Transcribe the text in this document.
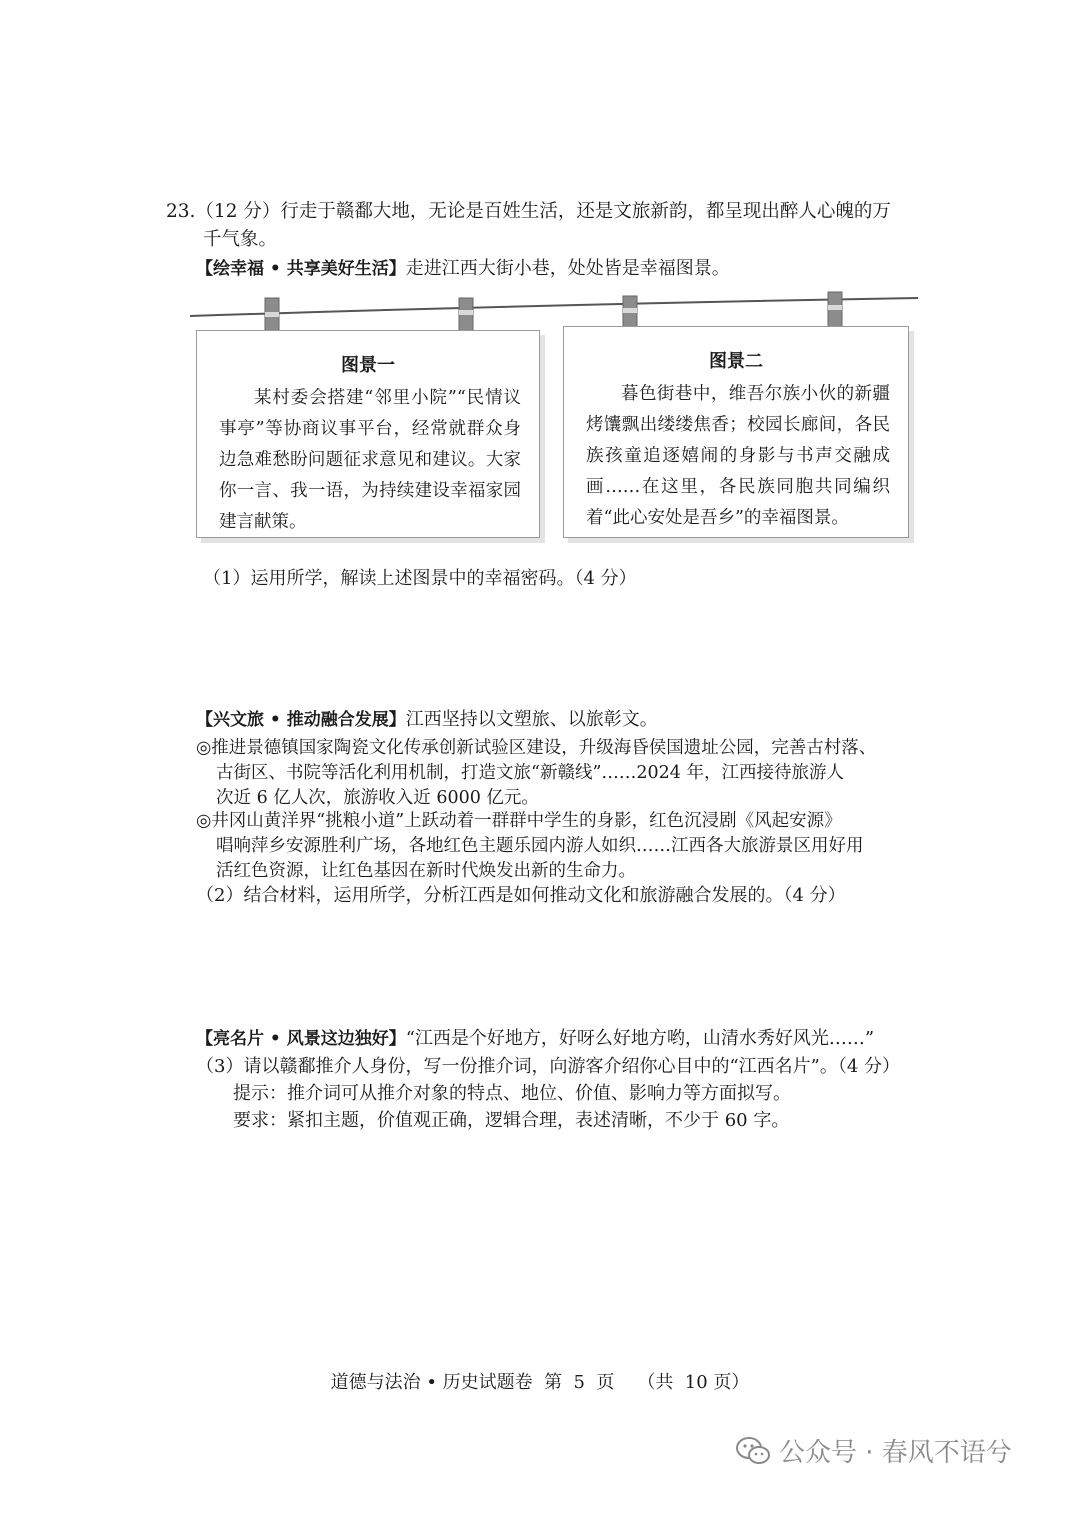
23.（12 分）行走于赣鄱大地，无论是百姓生活，还是文旅新韵，都呈现出醉人心魄的万
千气象。
【绘幸福 • 共享美好生活】走进江西大街小巷，处处皆是幸福图景。
图景一
某村委会搭建“邻里小院”“民情议事亭”等协商议事平台，经常就群众身边急难愁盼问题征求意见和建议。大家你一言、我一语，为持续建设幸福家园建言献策。
图景二
暮色街巷中，维吾尔族小伙的新疆烤馕飘出缕缕焦香；校园长廊间，各民族孩童追逐嬉闹的身影与书声交融成画……在这里，各民族同胞共同编织着“此心安处是吾乡”的幸福图景。
（1）运用所学，解读上述图景中的幸福密码。（4 分）
【兴文旅 • 推动融合发展】江西坚持以文塑旅、以旅彰文。
◎推进景德镇国家陶瓷文化传承创新试验区建设，升级海昏侯国遗址公园，完善古村落、
古街区、书院等活化利用机制，打造文旅“新赣线”……2024 年，江西接待旅游人
次近 6 亿人次，旅游收入近 6000 亿元。
◎井冈山黄洋界“挑粮小道”上跃动着一群群中学生的身影，红色沉浸剧《风起安源》
唱响萍乡安源胜利广场，各地红色主题乐园内游人如织……江西各大旅游景区用好用
活红色资源，让红色基因在新时代焕发出新的生命力。
（2）结合材料，运用所学，分析江西是如何推动文化和旅游融合发展的。（4 分）
【亮名片 • 风景这边独好】“江西是个好地方，好呀么好地方哟，山清水秀好风光……”
（3）请以赣鄱推介人身份，写一份推介词，向游客介绍你心目中的“江西名片”。（4 分）
提示：推介词可从推介对象的特点、地位、价值、影响力等方面拟写。
要求：紧扣主题，价值观正确，逻辑合理，表述清晰，不少于 60 字。
道德与法治 • 历史试题卷  第  5  页    （共  10 页）
公众号 · 春风不语兮
